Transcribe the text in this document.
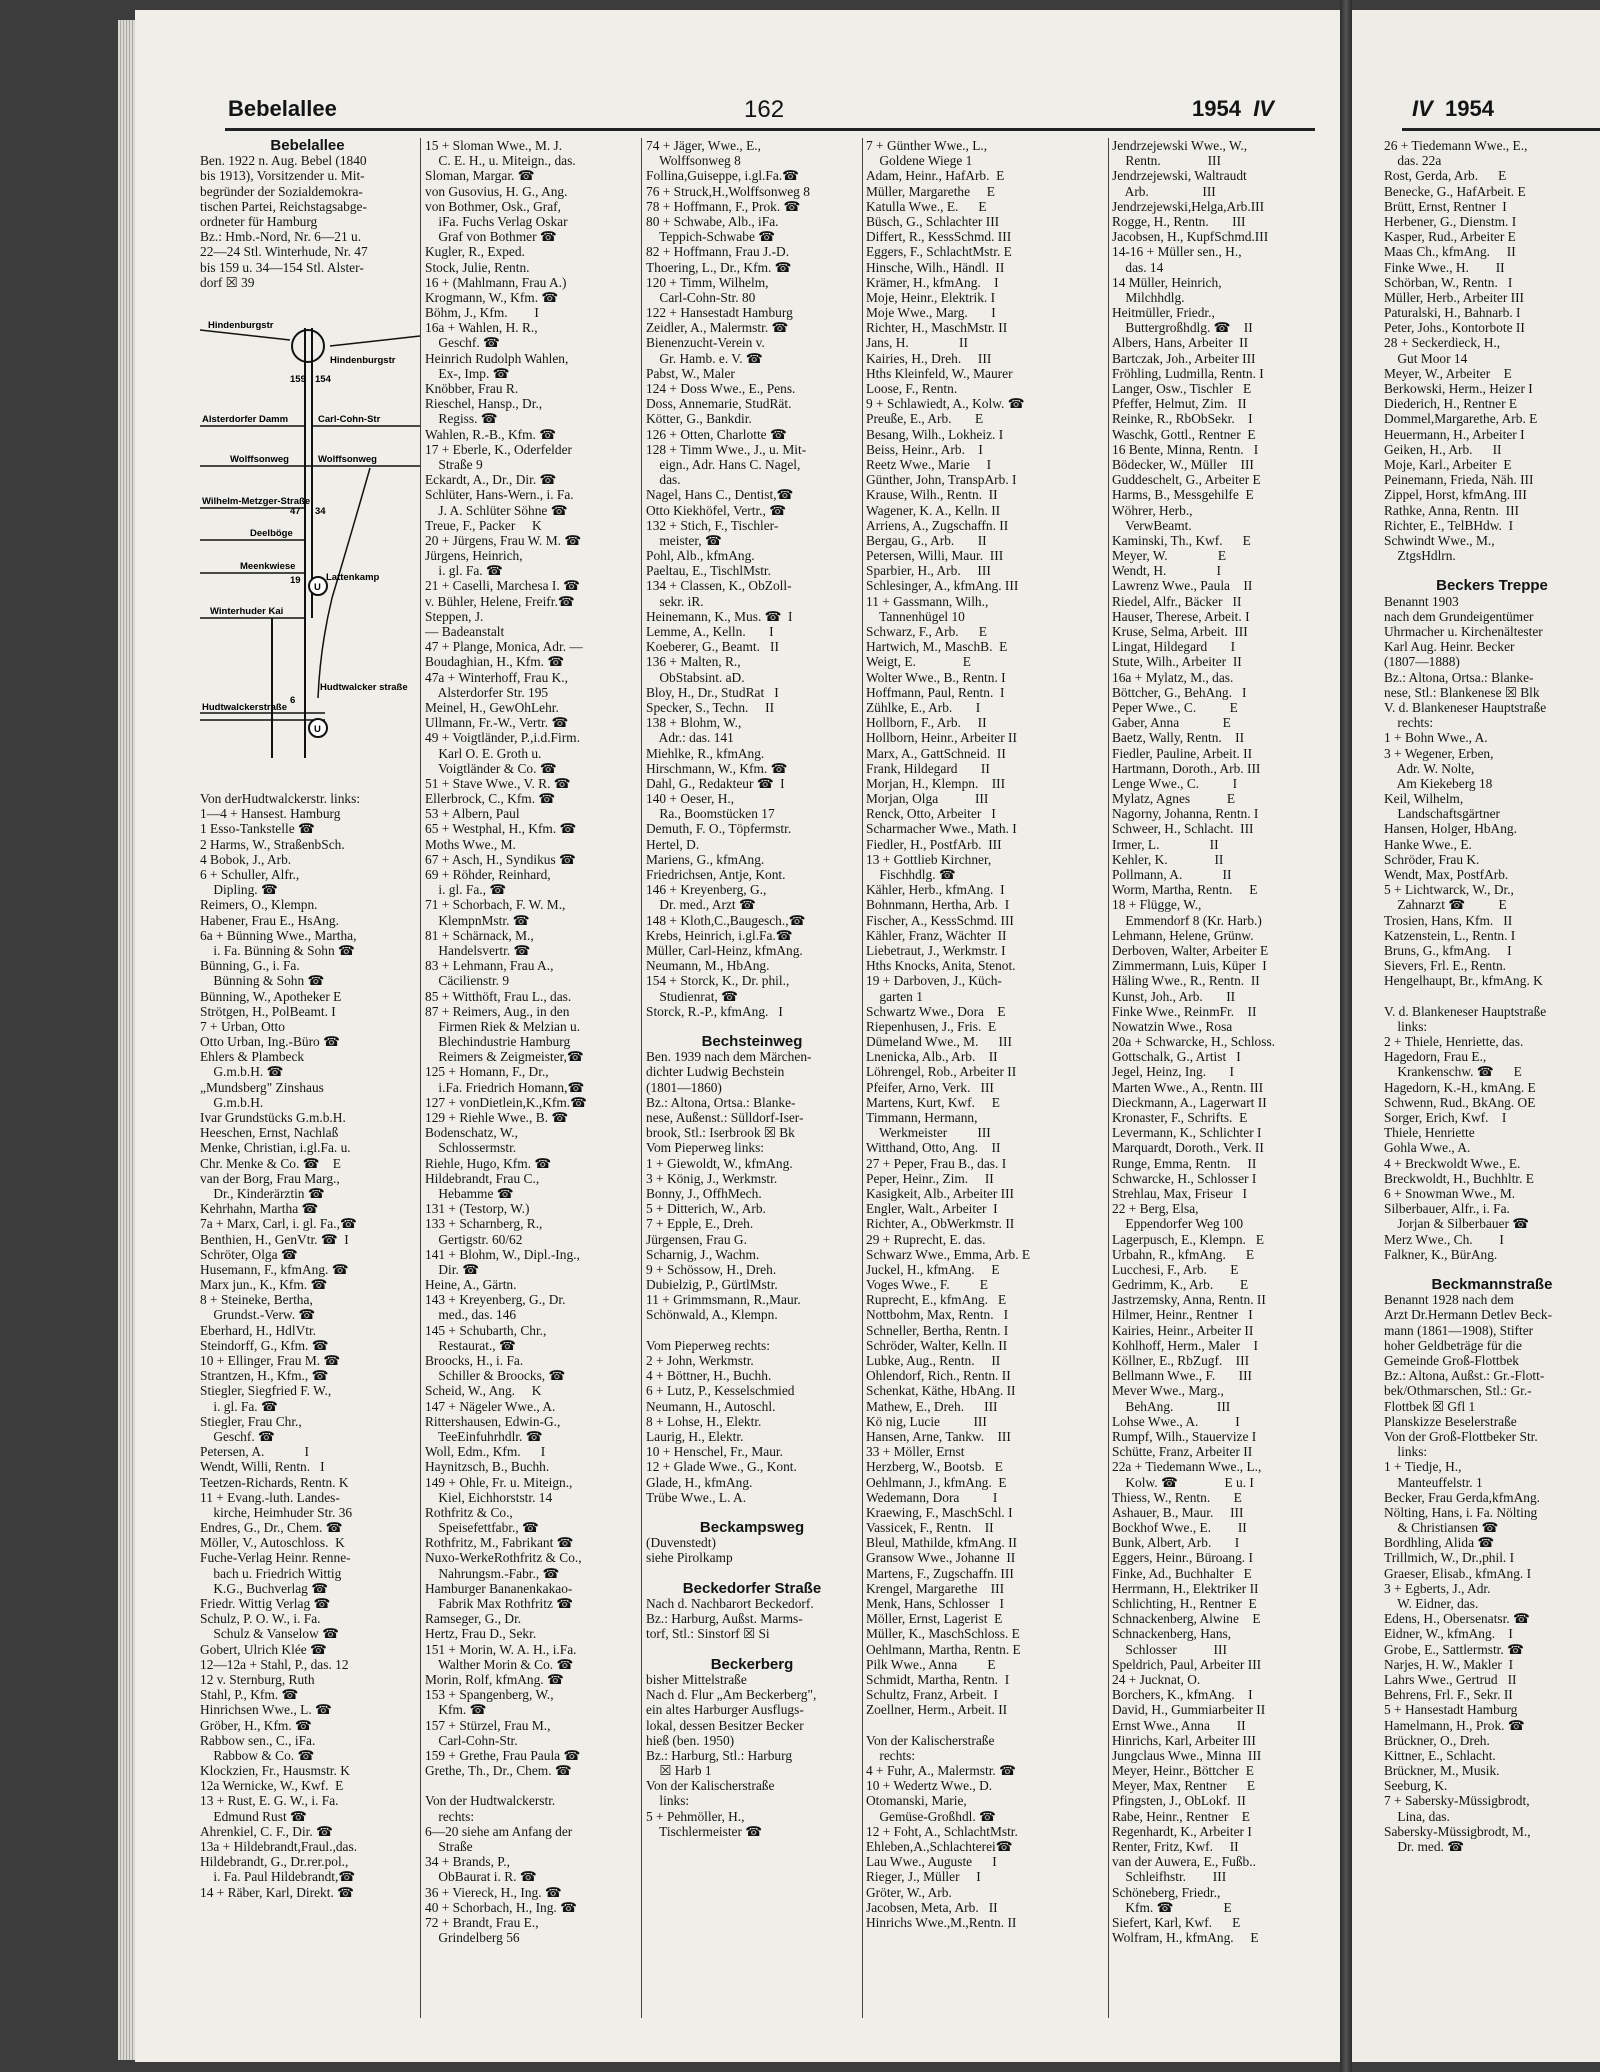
Bebelallee	162	1954 IV	IV 1954
Bebelallee
Ben. 1922 n. Aug. Bebel (1840
bis 1913), Vorsitzender u. Mit-
begründer der Sozialdemokra-
tischen Partei, Reichstagsabge-
ordneter für Hamburg
Bz.: Hmb.-Nord, Nr. 6—21 u.
22—24 Stl. Winterhude, Nr. 47
bis 159 u. 34—154 Stl. Alster-
dorf ☒ 39
Von derHudtwalckerstr. links:
1—4 + Hansest. Hamburg
1 Esso-Tankstelle ☎
2 Harms, W., StraßenbSch.
4 Bobok, J., Arb.
6 + Schuller, Alfr.,
Dipling. ☎
Reimers, O., Klempn.
Habener, Frau E., HsAng.
6a + Bünning Wwe., Martha,
i. Fa. Bünning & Sohn ☎
Bünning, G., i. Fa.
Bünning & Sohn ☎
Bünning, W., Apotheker E
Strötgen, H., PolBeamt. I
7 + Urban, Otto
Otto Urban, Ing.-Büro ☎
Ehlers & Plambeck
G.m.b.H. ☎
„Mundsberg" Zinshaus
G.m.b.H.
Ivar Grundstücks G.m.b.H.
Heeschen, Ernst, Nachlaß
Menke, Christian, i.gl.Fa. u.
Chr. Menke & Co. ☎    E
van der Borg, Frau Marg.,
Dr., Kinderärztin ☎
Kehrhahn, Martha ☎
7a + Marx, Carl, i. gl. Fa.,☎
Benthien, H., GenVtr. ☎  I
Schröter, Olga ☎
Husemann, F., kfmAng. ☎
Marx jun., K., Kfm. ☎
8 + Steineke, Bertha,
Grundst.-Verw. ☎
Eberhard, H., HdlVtr.
Steindorff, G., Kfm. ☎
10 + Ellinger, Frau M. ☎
Strantzen, H., Kfm., ☎
Stiegler, Siegfried F. W.,
i. gl. Fa. ☎
Stiegler, Frau Chr.,
Geschf. ☎
Petersen, A.            I
Wendt, Willi, Rentn.   I
Teetzen-Richards, Rentn. K
11 + Evang.-luth. Landes-
kirche, Heimhuder Str. 36
Endres, G., Dr., Chem. ☎
Möller, V., Autoschloss.  K
Fuche-Verlag Heinr. Renne-
bach u. Friedrich Wittig
K.G., Buchverlag ☎
Friedr. Wittig Verlag ☎
Schulz, P. O. W., i. Fa.
Schulz & Vanselow ☎
Gobert, Ulrich Klée ☎
12—12a + Stahl, P., das. 12
12 v. Sternburg, Ruth
Stahl, P., Kfm. ☎
Hinrichsen Wwe., L. ☎
Gröber, H., Kfm. ☎
Rabbow sen., C., iFa.
Rabbow & Co. ☎
Klockzien, Fr., Hausmstr. K
12a Wernicke, W., Kwf.  E
13 + Rust, E. G. W., i. Fa.
Edmund Rust ☎
Ahrenkiel, C. F., Dir. ☎
13a + Hildebrandt,Fraul.,das.
Hildebrandt, G., Dr.rer.pol.,
i. Fa. Paul Hildebrandt,☎
14 + Räber, Karl, Direkt. ☎
15 + Sloman Wwe., M. J.
C. E. H., u. Miteign., das.
Sloman, Margar. ☎
von Gusovius, H. G., Ang.
von Bothmer, Osk., Graf,
iFa. Fuchs Verlag Oskar
Graf von Bothmer ☎
Kugler, R., Exped.
Stock, Julie, Rentn.
16 + (Mahlmann, Frau A.)
Krogmann, W., Kfm. ☎
Böhm, J., Kfm.        I
16a + Wahlen, H. R.,
Geschf. ☎
Heinrich Rudolph Wahlen,
Ex-, Imp. ☎
Knöbber, Frau R.
Rieschel, Hansp., Dr.,
Regiss. ☎
Wahlen, R.-B., Kfm. ☎
17 + Eberle, K., Oderfelder
Straße 9
Eckardt, A., Dr., Dir. ☎
Schlüter, Hans-Wern., i. Fa.
J. A. Schlüter Söhne ☎
Treue, F., Packer     K
20 + Jürgens, Frau W. M. ☎
Jürgens, Heinrich,
i. gl. Fa. ☎
21 + Caselli, Marchesa I. ☎
v. Bühler, Helene, Freifr.☎
Steppen, J.
— Badeanstalt
47 + Plange, Monica, Adr. —
Boudaghian, H., Kfm. ☎
47a + Winterhoff, Frau K.,
Alsterdorfer Str. 195
Meinel, H., GewOhLehr.
Ullmann, Fr.-W., Vertr. ☎
49 + Voigtländer, P.,i.d.Firm.
Karl O. E. Groth u.
Voigtländer & Co. ☎
51 + Stave Wwe., V. R. ☎
Ellerbrock, C., Kfm. ☎
53 + Albern, Paul
65 + Westphal, H., Kfm. ☎
Moths Wwe., M.
67 + Asch, H., Syndikus ☎
69 + Röhder, Reinhard,
i. gl. Fa., ☎
71 + Schorbach, F. W. M.,
KlempnMstr. ☎
81 + Schärnack, M.,
Handelsvertr. ☎
83 + Lehmann, Frau A.,
Cäcilienstr. 9
85 + Witthöft, Frau L., das.
87 + Reimers, Aug., in den
Firmen Riek & Melzian u.
Blechindustrie Hamburg
Reimers & Zeigmeister,☎
125 + Homann, F., Dr.,
i.Fa. Friedrich Homann,☎
127 + vonDietlein,K.,Kfm.☎
129 + Riehle Wwe., B. ☎
Bodenschatz, W.,
Schlossermstr.
Riehle, Hugo, Kfm. ☎
Hildebrandt, Frau C.,
Hebamme ☎
131 + (Testorp, W.)
133 + Scharnberg, R.,
Gertigstr. 60/62
141 + Blohm, W., Dipl.-Ing.,
Dir. ☎
Heine, A., Gärtn.
143 + Kreyenberg, G., Dr.
med., das. 146
145 + Schubarth, Chr.,
Restaurat., ☎
Broocks, H., i. Fa.
Schiller & Broocks, ☎
Scheid, W., Ang.     K
147 + Nägeler Wwe., A.
Rittershausen, Edwin-G.,
TeeEinfuhrhdlr. ☎
Woll, Edm., Kfm.      I
Haynitzsch, B., Buchh.
149 + Ohle, Fr. u. Miteign.,
Kiel, Eichhorststr. 14
Rothfritz & Co.,
Speisefettfabr., ☎
Rothfritz, M., Fabrikant ☎
Nuxo-WerkeRothfritz & Co.,
Nahrungsm.-Fabr., ☎
Hamburger Bananenkakao-
Fabrik Max Rothfritz ☎
Ramseger, G., Dr.
Hertz, Frau D., Sekr.
151 + Morin, W. A. H., i.Fa.
Walther Morin & Co. ☎
Morin, Rolf, kfmAng. ☎
153 + Spangenberg, W.,
Kfm. ☎
157 + Stürzel, Frau M.,
Carl-Cohn-Str.
159 + Grethe, Frau Paula ☎
Grethe, Th., Dr., Chem. ☎
Von der Hudtwalckerstr.
rechts:
6—20 siehe am Anfang der
Straße
34 + Brands, P.,
ObBaurat i. R. ☎
36 + Viereck, H., Ing. ☎
40 + Schorbach, H., Ing. ☎
72 + Brandt, Frau E.,
Grindelberg 56
74 + Jäger, Wwe., E.,
Wolffsonweg 8
Follina,Guiseppe, i.gl.Fa.☎
76 + Struck,H.,Wolffsonweg 8
78 + Hoffmann, F., Prok. ☎
80 + Schwabe, Alb., iFa.
Teppich-Schwabe ☎
82 + Hoffmann, Frau J.-D.
Thoering, L., Dr., Kfm. ☎
120 + Timm, Wilhelm,
Carl-Cohn-Str. 80
122 + Hansestadt Hamburg
Zeidler, A., Malermstr. ☎
Bienenzucht-Verein v.
Gr. Hamb. e. V. ☎
Pabst, W., Maler
124 + Doss Wwe., E., Pens.
Doss, Annemarie, StudRät.
Kötter, G., Bankdir.
126 + Otten, Charlotte ☎
128 + Timm Wwe., J., u. Mit-
eign., Adr. Hans C. Nagel,
das.
Nagel, Hans C., Dentist,☎
Otto Kiekhöfel, Vertr., ☎
132 + Stich, F., Tischler-
meister, ☎
Pohl, Alb., kfmAng.
Paeltau, E., TischlMstr.
134 + Classen, K., ObZoll-
sekr. iR.
Heinemann, K., Mus. ☎  I
Lemme, A., Kelln.       I
Koeberer, G., Beamt.   II
136 + Malten, R.,
ObStabsint. aD.
Bloy, H., Dr., StudRat   I
Specker, S., Techn.     II
138 + Blohm, W.,
Adr.: das. 141
Miehlke, R., kfmAng.
Hirschmann, W., Kfm. ☎
Dahl, G., Redakteur ☎  I
140 + Oeser, H.,
Ra., Boomstücken 17
Demuth, F. O., Töpfermstr.
Hertel, D.
Mariens, G., kfmAng.
Friedrichsen, Antje, Kont.
146 + Kreyenberg, G.,
Dr. med., Arzt ☎
148 + Kloth,C.,Baugesch.,☎
Krebs, Heinrich, i.gl.Fa.☎
Müller, Carl-Heinz, kfmAng.
Neumann, M., HbAng.
154 + Storck, K., Dr. phil.,
Studienrat, ☎
Storck, R.-P., kfmAng.   I
Bechsteinweg
Ben. 1939 nach dem Märchen-
dichter Ludwig Bechstein
(1801—1860)
Bz.: Altona, Ortsa.: Blanke-
nese, Außenst.: Sülldorf-Iser-
brook, Stl.: Iserbrook ☒ Bk
Vom Pieperweg links:
1 + Giewoldt, W., kfmAng.
3 + König, J., Werkmstr.
Bonny, J., OffhMech.
5 + Ditterich, W., Arb.
7 + Epple, E., Dreh.
Jürgensen, Frau G.
Scharnig, J., Wachm.
9 + Schössow, H., Dreh.
Dubielzig, P., GürtlMstr.
11 + Grimmsmann, R.,Maur.
Schönwald, A., Klempn.
Vom Pieperweg rechts:
2 + John, Werkmstr.
4 + Böttner, H., Buchh.
6 + Lutz, P., Kesselschmied
Neumann, H., Autoschl.
8 + Lohse, H., Elektr.
Laurig, H., Elektr.
10 + Henschel, Fr., Maur.
12 + Glade Wwe., G., Kont.
Glade, H., kfmAng.
Trübe Wwe., L. A.
Beckampsweg
(Duvenstedt)
siehe Pirolkamp
Beckedorfer Straße
Nach d. Nachbarort Beckedorf.
Bz.: Harburg, Außst. Marms-
torf, Stl.: Sinstorf ☒ Si
Beckerberg
bisher Mittelstraße
Nach d. Flur „Am Beckerberg",
ein altes Harburger Ausflugs-
lokal, dessen Besitzer Becker
hieß (ben. 1950)
Bz.: Harburg, Stl.: Harburg
☒ Harb 1
Von der Kalischerstraße
links:
5 + Pehmöller, H.,
Tischlermeister ☎
7 + Günther Wwe., L.,
Goldene Wiege 1
Adam, Heinr., HafArb.  E
Müller, Margarethe     E
Katulla Wwe., E.      E
Büsch, G., Schlachter III
Differt, R., KessSchmd. III
Eggers, F., SchlachtMstr. E
Hinsche, Wilh., Händl.  II
Krämer, H., kfmAng.    I
Moje, Heinr., Elektrik. I
Moje Wwe., Marg.       I
Richter, H., MaschMstr. II
Jans, H.               II
Kairies, H., Dreh.     III
Hths Kleinfeld, W., Maurer
Loose, F., Rentn.
9 + Schlawiedt, A., Kolw. ☎
Preuße, E., Arb.       E
Besang, Wilh., Lokheiz. I
Beiss, Heinr., Arb.    I
Reetz Wwe., Marie     I
Günther, John, TranspArb. I
Krause, Wilh., Rentn.  II
Wagener, K. A., Kelln. II
Arriens, A., Zugschaffn. II
Bergau, G., Arb.       II
Petersen, Willi, Maur.  III
Sparbier, H., Arb.     III
Schlesinger, A., kfmAng. III
11 + Gassmann, Wilh.,
Tannenhügel 10
Schwarz, F., Arb.      E
Hartwich, M., MaschB.  E
Weigt, E.              E
Wolter Wwe., B., Rentn. I
Hoffmann, Paul, Rentn.  I
Zühlke, E., Arb.       I
Hollborn, F., Arb.     II
Hollborn, Heinr., Arbeiter II
Marx, A., GattSchneid.  II
Frank, Hildegard       II
Morjan, H., Klempn.    III
Morjan, Olga           III
Renck, Otto, Arbeiter   I
Scharmacher Wwe., Math. I
Fiedler, H., PostfArb.  III
13 + Gottlieb Kirchner,
Fischhdlg. ☎
Kähler, Herb., kfmAng.  I
Bohnmann, Hertha, Arb.  I
Fischer, A., KessSchmd. III
Kähler, Franz, Wächter  II
Liebetraut, J., Werkmstr. I
Hths Knocks, Anita, Stenot.
19 + Darboven, J., Küch-
garten 1
Schwartz Wwe., Dora    E
Riepenhusen, J., Fris.  E
Dümeland Wwe., M.      III
Lnenicka, Alb., Arb.    II
Löhrengel, Rob., Arbeiter II
Pfeifer, Arno, Verk.   III
Martens, Kurt, Kwf.     E
Timmann, Hermann,
Werkmeister         III
Witthand, Otto, Ang.    II
27 + Peper, Frau B., das. I
Peper, Heinr., Zim.     II
Kasigkeit, Alb., Arbeiter III
Engler, Walt., Arbeiter  I
Richter, A., ObWerkmstr. II
29 + Ruprecht, E. das.
Schwarz Wwe., Emma, Arb. E
Juckel, H., kfmAng.     E
Voges Wwe., F.         E
Ruprecht, E., kfmAng.   E
Nottbohm, Max, Rentn.   I
Schneller, Bertha, Rentn. I
Schröder, Walter, Kelln. II
Lubke, Aug., Rentn.     II
Ohlendorf, Rich., Rentn. II
Schenkat, Käthe, HbAng. II
Mathew, E., Dreh.      III
Kö nig, Lucie          III
Hansen, Arne, Tankw.    III
33 + Möller, Ernst
Herzberg, W., Bootsb.   E
Oehlmann, J., kfmAng.  E
Wedemann, Dora          I
Kraewing, F., MaschSchl. I
Vassicek, F., Rentn.    II
Bleul, Mathilde, kfmAng. II
Gransow Wwe., Johanne  II
Martens, F., Zugschaffn. III
Krengel, Margarethe    III
Menk, Hans, Schlosser   I
Möller, Ernst, Lagerist  E
Müller, K., MaschSchloss. E
Oehlmann, Martha, Rentn. E
Pilk Wwe., Anna         E
Schmidt, Martha, Rentn.  I
Schultz, Franz, Arbeit.  I
Zoellner, Herm., Arbeit. II
Von der Kalischerstraße
rechts:
4 + Fuhr, A., Malermstr. ☎
10 + Wedertz Wwe., D.
Otomanski, Marie,
Gemüse-Großhdl. ☎
12 + Foht, A., SchlachtMstr.
Ehleben,A.,Schlachterei☎
Lau Wwe., Auguste      I
Rieger, J., Müller     I
Gröter, W., Arb.
Jacobsen, Meta, Arb.   II
Hinrichs Wwe.,M.,Rentn. II
Jendrzejewski Wwe., W.,
Rentn.              III
Jendrzejewski, Waltraudt
Arb.                III
Jendrzejewski,Helga,Arb.III
Rogge, H., Rentn.       III
Jacobsen, H., KupfSchmd.III
14-16 + Müller sen., H.,
das. 14
14 Müller, Heinrich,
Milchhdlg.
Heitmüller, Friedr.,
Buttergroßhdlg. ☎    II
Albers, Hans, Arbeiter  II
Bartczak, Joh., Arbeiter III
Fröhling, Ludmilla, Rentn. I
Langer, Osw., Tischler   E
Pfeffer, Helmut, Zim.   II
Reinke, R., RbObSekr.    I
Waschk, Gottl., Rentner  E
16 Bente, Minna, Rentn.   I
Bödecker, W., Müller    III
Guddeschelt, G., Arbeiter E
Harms, B., Messgehilfe  E
Wöhrer, Herb.,
VerwBeamt.
Kaminski, Th., Kwf.      E
Meyer, W.               E
Wendt, H.               I
Lawrenz Wwe., Paula    II
Riedel, Alfr., Bäcker   II
Hauser, Therese, Arbeit. I
Kruse, Selma, Arbeit.  III
Lingat, Hildegard       I
Stute, Wilh., Arbeiter  II
16a + Mylatz, M., das.
Böttcher, G., BehAng.   I
Peper Wwe., C.          E
Gaber, Anna             E
Baetz, Wally, Rentn.    II
Fiedler, Pauline, Arbeit. II
Hartmann, Doroth., Arb. III
Lenge Wwe., C.          I
Mylatz, Agnes           E
Nagorny, Johanna, Rentn. I
Schweer, H., Schlacht.  III
Irmer, L.               II
Kehler, K.              II
Pollmann, A.            II
Worm, Martha, Rentn.     E
18 + Flügge, W.,
Emmendorf 8 (Kr. Harb.)
Lehmann, Helene, Grünw.
Derboven, Walter, Arbeiter E
Zimmermann, Luis, Küper  I
Häling Wwe., R., Rentn.  II
Kunst, Joh., Arb.       II
Finke Wwe., ReinmFr.    II
Nowatzin Wwe., Rosa
20a + Schwarcke, H., Schloss.
Gottschalk, G., Artist   I
Jegel, Heinz, Ing.       I
Marten Wwe., A., Rentn. III
Dieckmann, A., Lagerwart II
Kronaster, F., Schrifts.  E
Levermann, K., Schlichter I
Marquardt, Doroth., Verk. II
Runge, Emma, Rentn.     II
Schwarcke, H., Schlosser I
Strehlau, Max, Friseur   I
22 + Berg, Elsa,
Eppendorfer Weg 100
Lagerpusch, E., Klempn.   E
Urbahn, R., kfmAng.      E
Lucchesi, F., Arb.       E
Gedrimm, K., Arb.        E
Jastrzemsky, Anna, Rentn. II
Hilmer, Heinr., Rentner   I
Kairies, Heinr., Arbeiter II
Kohlhoff, Herm., Maler    I
Köllner, E., RbZugf.    III
Bellmann Wwe., F.       III
Mever Wwe., Marg.,
BehAng.             III
Lohse Wwe., A.           I
Rumpf, Wilh., Stauervize I
Schütte, Franz, Arbeiter II
22a + Tiedemann Wwe., L.,
Kolw. ☎              E u. I
Thiess, W., Rentn.       E
Ashauer, B., Maur.     III
Bockhof Wwe., E.        II
Bunk, Albert, Arb.       I
Eggers, Heinr., Büroang. I
Finke, Ad., Buchhalter   E
Herrmann, H., Elektriker II
Schlichting, H., Rentner  E
Schnackenberg, Alwine    E
Schnackenberg, Hans,
Schlosser           III
Speldrich, Paul, Arbeiter III
24 + Jucknat, O.
Borchers, K., kfmAng.    I
David, H., Gummiarbeiter II
Ernst Wwe., Anna        II
Hinrichs, Karl, Arbeiter III
Jungclaus Wwe., Minna  III
Meyer, Heinr., Böttcher  E
Meyer, Max, Rentner      E
Pfingsten, J., ObLokf.  II
Rabe, Heinr., Rentner    E
Regenhardt, K., Arbeiter I
Renter, Fritz, Kwf.     II
van der Auwera, E., Fußb..
Schleifhstr.        III
Schöneberg, Friedr.,
Kfm. ☎               E
Siefert, Karl, Kwf.      E
Wolfram, H., kfmAng.     E
26 + Tiedemann Wwe., E.,
das. 22a
Rost, Gerda, Arb.      E
Benecke, G., HafArbeit. E
Brütt, Ernst, Rentner  I
Herbener, G., Dienstm. I
Kasper, Rud., Arbeiter E
Maas Ch., kfmAng.     II
Finke Wwe., H.        II
Schörban, W., Rentn.   I
Müller, Herb., Arbeiter III
Paturalski, H., Bahnarb. I
Peter, Johs., Kontorbote II
28 + Seckerdieck, H.,
Gut Moor 14
Meyer, W., Arbeiter    E
Berkowski, Herm., Heizer I
Diederich, H., Rentner E
Dommel,Margarethe, Arb. E
Heuermann, H., Arbeiter I
Geiken, H., Arb.      II
Moje, Karl., Arbeiter  E
Peinemann, Frieda, Näh. III
Zippel, Horst, kfmAng. III
Rathke, Anna, Rentn.  III
Richter, E., TelBHdw.  I
Schwindt Wwe., M.,
ZtgsHdlrn.
Beckers Treppe
Benannt 1903
nach dem Grundeigentümer
Uhrmacher u. Kirchenältester
Karl Aug. Heinr. Becker
(1807—1888)
Bz.: Altona, Ortsa.: Blanke-
nese, Stl.: Blankenese ☒ Blk
V. d. Blankeneser Hauptstraße
rechts:
1 + Bohn Wwe., A.
3 + Wegener, Erben,
Adr. W. Nolte,
Am Kiekeberg 18
Keil, Wilhelm,
Landschaftsgärtner
Hansen, Holger, HbAng.
Hanke Wwe., E.
Schröder, Frau K.
Wendt, Max, PostfArb.
5 + Lichtwarck, W., Dr.,
Zahnarzt ☎          E
Trosien, Hans, Kfm.   II
Katzenstein, L., Rentn. I
Bruns, G., kfmAng.     I
Sievers, Frl. E., Rentn.
Hengelhaupt, Br., kfmAng. K
V. d. Blankeneser Hauptstraße
links:
2 + Thiele, Henriette, das.
Hagedorn, Frau E.,
Krankenschw. ☎      E
Hagedorn, K.-H., kmAng. E
Schwenn, Rud., BkAng. OE
Sorger, Erich, Kwf.    I
Thiele, Henriette
Gohla Wwe., A.
4 + Breckwoldt Wwe., E.
Breckwoldt, H., Buchhltr. E
6 + Snowman Wwe., M.
Silberbauer, Alfr., i. Fa.
Jorjan & Silberbauer ☎
Merz Wwe., Ch.        I
Falkner, K., BürAng.
Beckmannstraße
Benannt 1928 nach dem
Arzt Dr.Hermann Detlev Beck-
mann (1861—1908), Stifter
hoher Geldbeträge für die
Gemeinde Groß-Flottbek
Bz.: Altona, Außst.: Gr.-Flott-
bek/Othmarschen, Stl.: Gr.-
Flottbek ☒ Gfl 1
Planskizze Beselerstraße
Von der Groß-Flottbeker Str.
links:
1 + Tiedje, H.,
Manteuffelstr. 1
Becker, Frau Gerda,kfmAng.
Nölting, Hans, i. Fa. Nölting
& Christiansen ☎
Bordhling, Alida ☎
Trillmich, W., Dr.,phil. I
Graeser, Elisab., kfmAng. I
3 + Egberts, J., Adr.
W. Eidner, das.
Edens, H., Obersenatsr. ☎
Eidner, W., kfmAng.    I
Grobe, E., Sattlermstr. ☎
Narjes, H. W., Makler  I
Lahrs Wwe., Gertrud   II
Behrens, Frl. F., Sekr. II
5 + Hansestadt Hamburg
Hamelmann, H., Prok. ☎
Brückner, O., Dreh.
Kittner, E., Schlacht.
Brückner, M., Musik.
Seeburg, K.
7 + Sabersky-Müssigbrodt,
Lina, das.
Sabersky-Müssigbrodt, M.,
Dr. med. ☎
U
U
Hindenburgstr
Hindenburgstr
Alsterdorfer Damm	Carl-Cohn-Str
Wolffsonweg	Wolffsonweg
Wilhelm-Metzger-Straße
Deelböge
Meenkwiese
Lattenkamp
Winterhuder Kai
Hudtwalckerstraße
Hudtwalcker straße
159 154
47 34
19
6
